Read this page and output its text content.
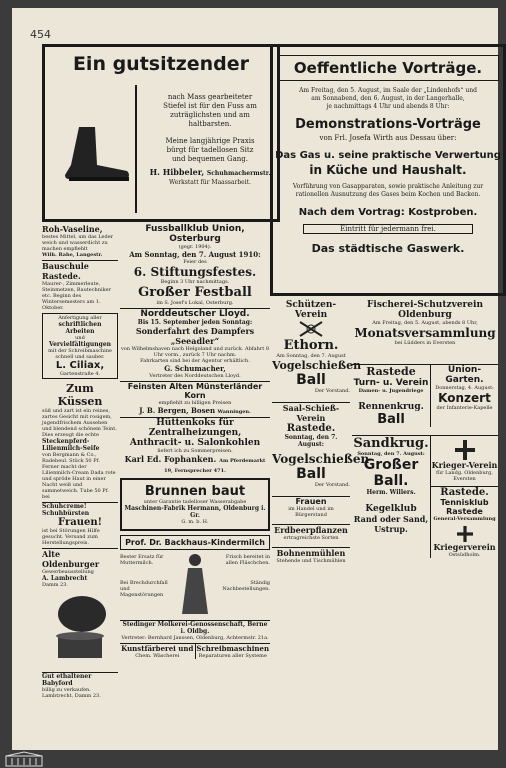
454
Ein gutsitzender
nach Mass gearbeiteter
Stiefel ist für den Fuss am
zuträglichsten und am
haltbarsten.
Meine langjährige Praxis
bürgt für tadellosen Sitz
und bequemen Gang.
H. Hibbeler, Schuhmachermstr.
Werkstatt für Maassarbeit.
Oeffentliche Vorträge.
Am Freitag, den 5. August, im Saale der „Lindenhofs“ und
am Sonnabend, den 6. August, in der Langerhalle,
je nachmittags 4 Uhr und abends 8 Uhr:
Demonstrations-Vorträge
von Frl. Josefa Wirth aus Dessau über:
Das Gas u. seine praktische Verwertung
in Küche und Haushalt.
Vorführung von Gasapparaten, sowie praktische Anleitung zur
rationellen Ausnutzung des Gases beim Kochen und Backen.
Nach dem Vortrag: Kostproben.
Eintritt für jedermann frei.
Das städtische Gaswerk.
Roh-Vaseline,
bestes Mittel, um das Leder weich und wasserdicht zu machen empfiehlt
Wilh. Rahe, Langestr.
Bauschule Rastede.
Maurer-, Zimmerleute, Steinmetzen, Bautechniker etc. Beginn des Wintersemesters am 1. Oktober.
Anfertigung aller
schriftlichen Arbeiten
und
Vervielfältigungen
mit der Schreibmaschine schnell und sauber.
L. Ciliax,
Gartenstraße 4.
Zum Küssen
süß und zart ist ein reines, zartes Gesicht mit rosigem, jugendfrischem Aussehen und blendend schönem Teint. Dies erzeugt die echte
Steckenpferd-Lilienmilch-Seife
von Bergmann & Co., Radebeul. Stück 50 Pf. Ferner macht der Lilienmilch-Cream Dada rote und spröde Haut in einer Nacht weiß und sammetweich. Tube 50 Pf. bei
Schuhcreme! Schuhbürsten
Frauen!
ist bei Störungen Hilfe gesucht. Versand zum Herstellungspreis.
Alte Oldenburger
Gewerbeausstellung
A. Lambrecht
Damm 23.
Gut ethaltener Babyford
billig zu verkaufen.
Lambtrecht, Damm 23.
Fussballklub Union, Osterburg
(gegr. 1904).
Am Sonntag, den 7. August 1910:
Feier des
6. Stiftungsfestes.
Beginn 3 Uhr nachmittags.
Großer Festball
im S. Josef's Lokal, Osterburg.
Norddeutscher Lloyd.
Bis 15. September jeden Sonntag:
Sonderfahrt des Dampfers „Seeadler“
von Wilhelmshaven nach Helgoland und zurück. Abfahrt 8 Uhr vorm., zurück 7 Uhr nachm.
Fahrkarten sind bei der Agentur erhältlich.
G. Schumacher,
Vertreter des Norddeutschen Lloyd.
Feinsten Alten Münsterländer Korn
empfiehlt zu billigen Preisen
J. B. Bergen, Bosen Wanningen.
Hüttenkoks für Zentralheizungen,
Anthracit- u. Salonkohlen
liefert ich zu Sommerpreisen.
Karl Ed. Fophanken. Am Pferdemarkt 19, Fernsprecher 471.
Brunnen baut
unter Garantie tadelloser Wasserabgabe
Maschinen-Fabrik Hermann, Oldenburg i. Gr.
G. m. b. H.
Prof. Dr. Backhaus-Kindermilch
Bester Ersatz für Muttermilch.
Bei Brechdurchfall und Magenstörungen
Frisch bereitet in allen Fläschchen.
Ständig Nachbestellungen.
Stedinger Molkerei-Genossenschaft, Berne i. Oldbg.
Vertreter: Bernhard Janssen, Oldenburg, Achtermstr. 21a.
Kunstfärberei und
Chem. Wäscherei
Schreibmaschinen
Reparaturen aller Systeme
Schützen-Verein
Ethorn.
Am Sonntag, den 7. August
Vogelschießen
Ball
Der Vorstand.
Saal-Schieß-Verein
Rastede.
Sonntag, den 7. August:
Vogelschießen
Ball
Der Vorstand.
Frauen
im Handel und im Bürgerstand
Erdbeerpflanzen
ertragreichste Sorten
Bohnenmühlen
Stehende und Tischmühlen
Fischerei-Schutzverein Oldenburg
Am Freitag, den 5. August, abends 8 Uhr,
Monatsversammlung
bei Lüdders in Eversten
Rastede
Turn- u. Verein
Damen- u. Jugendriege
Rennenkrug.
Ball
Union-Garten.
Donnerstag, 4. August:
Konzert
der Infanterie-Kapelle
Sandkrug.
Sonntag, den 7. August:
Großer Ball.
Herm. Willers.
Kegelklub
Rand oder Sand,
Ustrup.
Krieger-Verein
für Landg. Oldenburg, Eversten
Rastede.
Tennisklub Rastede
General-Versammlung
Kriegerverein
Ostsüdholm.
